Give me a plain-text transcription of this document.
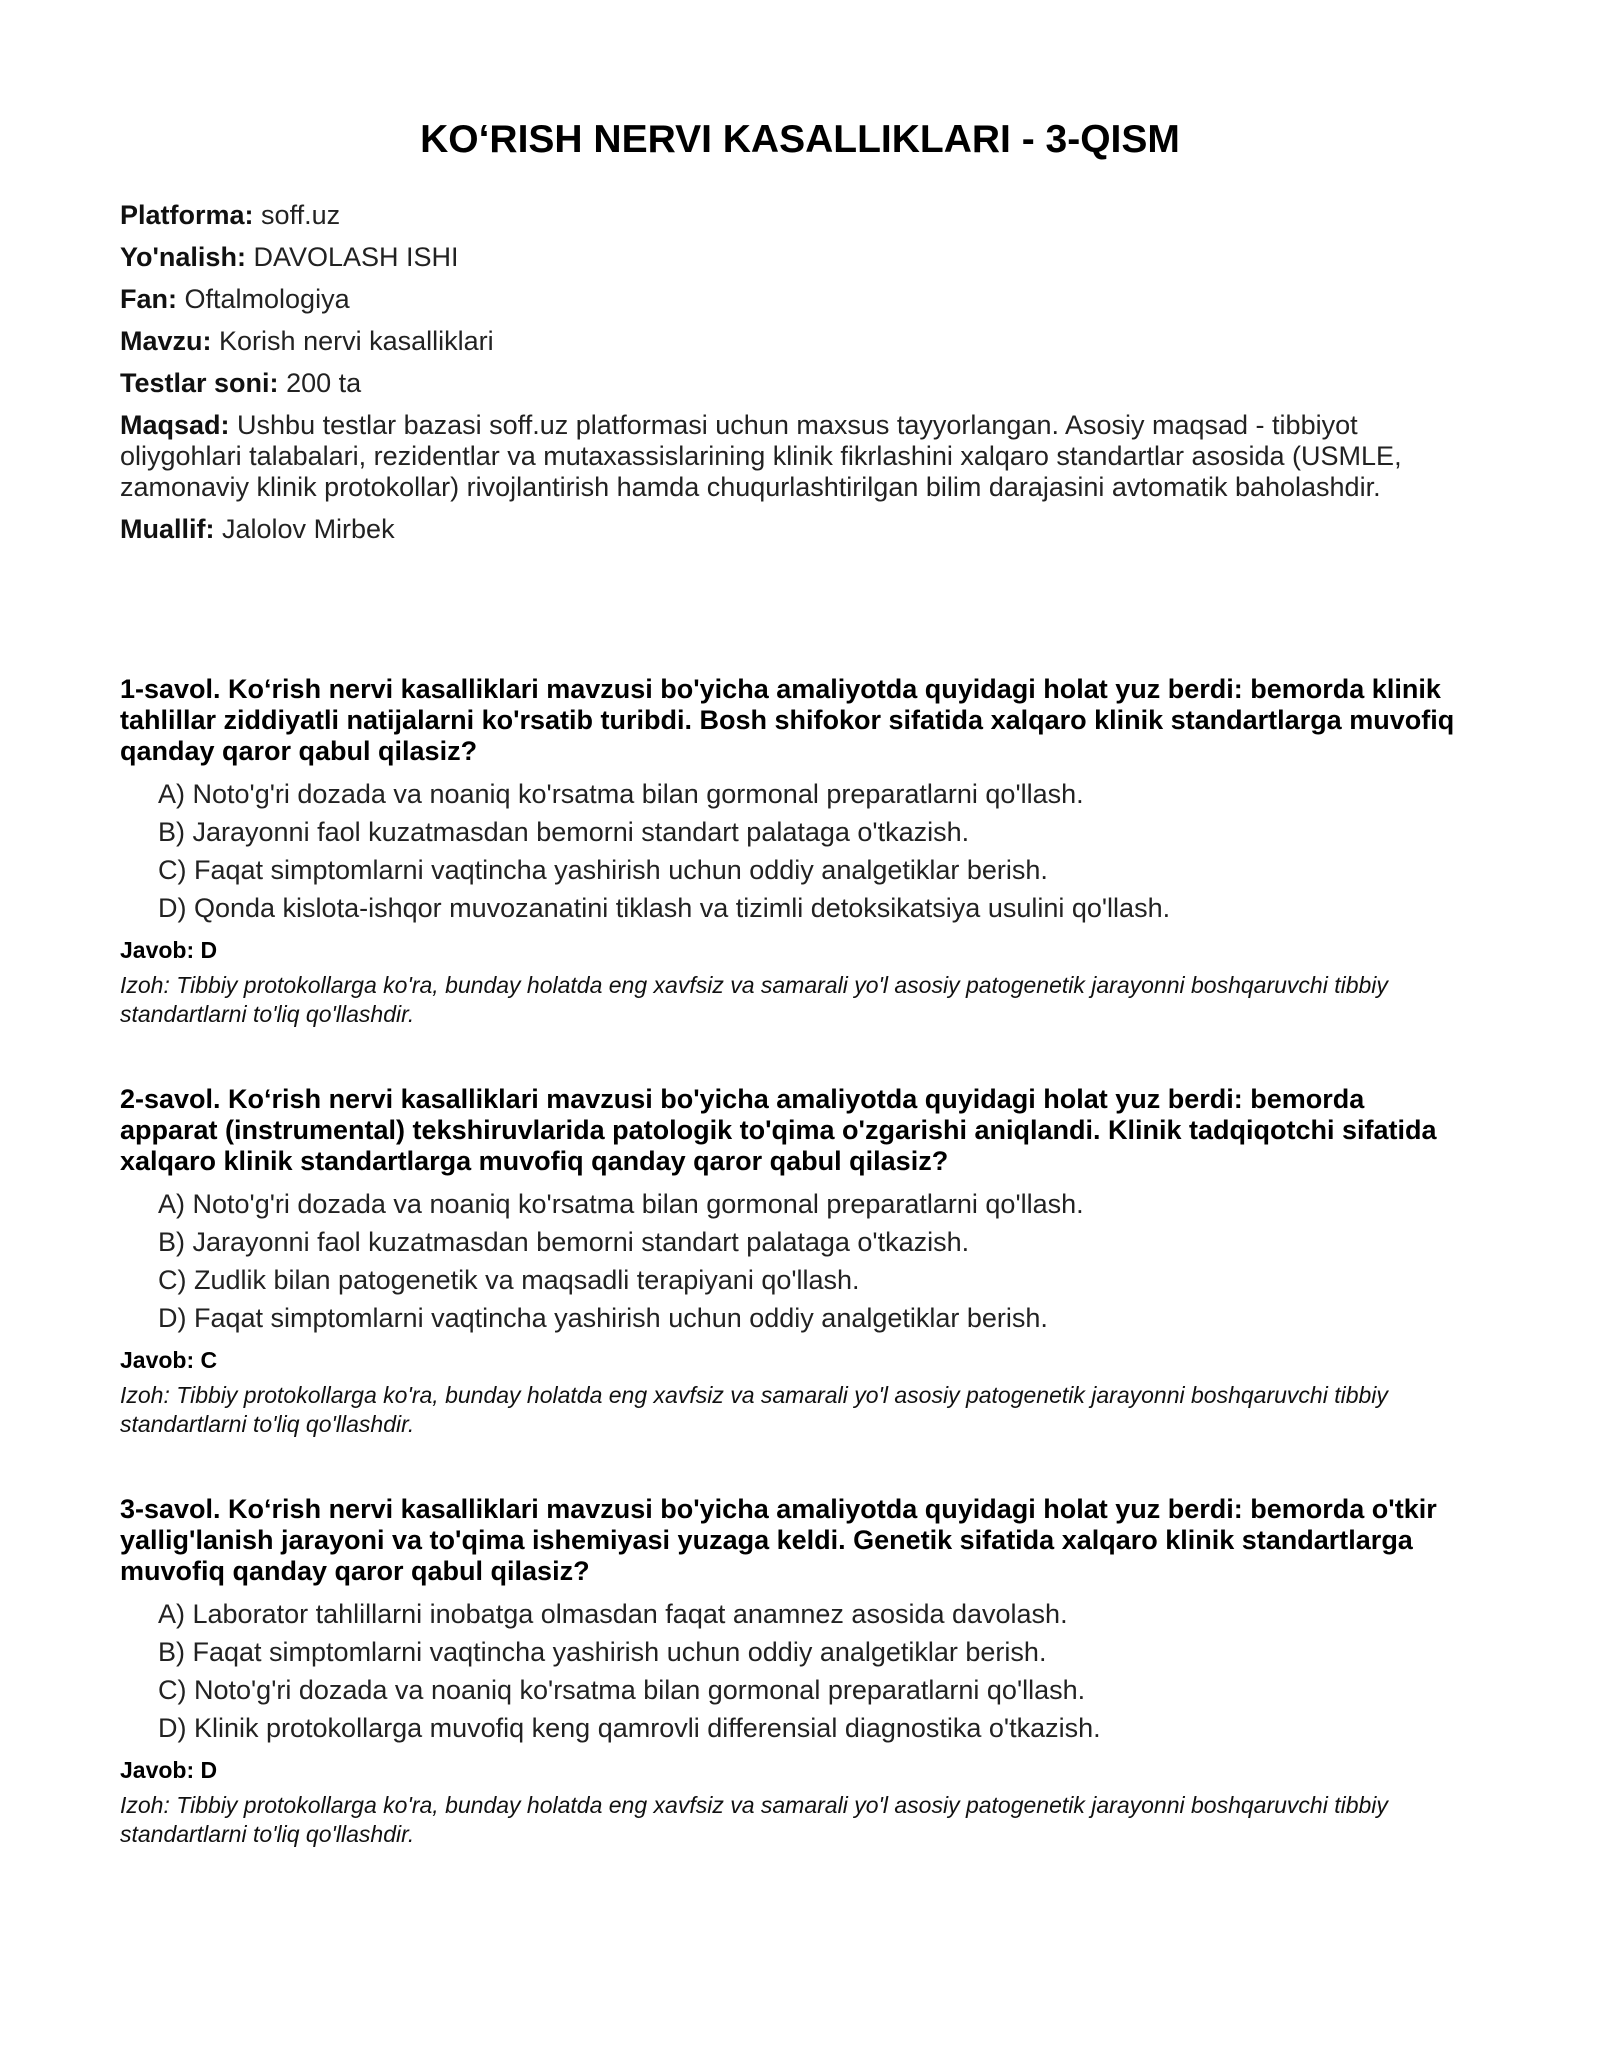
KO‘RISH NERVI KASALLIKLARI - 3-QISM
Platforma: soff.uz
Yo'nalish: DAVOLASH ISHI
Fan: Oftalmologiya
Mavzu: Korish nervi kasalliklari
Testlar soni: 200 ta
Maqsad: Ushbu testlar bazasi soff.uz platformasi uchun maxsus tayyorlangan. Asosiy maqsad - tibbiyot oliygohlari talabalari, rezidentlar va mutaxassislarining klinik fikrlashini xalqaro standartlar asosida (USMLE, zamonaviy klinik protokollar) rivojlantirish hamda chuqurlashtirilgan bilim darajasini avtomatik baholashdir.
Muallif: Jalolov Mirbek

1-savol. Ko‘rish nervi kasalliklari mavzusi bo'yicha amaliyotda quyidagi holat yuz berdi: bemorda klinik tahlillar ziddiyatli natijalarni ko'rsatib turibdi. Bosh shifokor sifatida xalqaro klinik standartlarga muvofiq qanday qaror qabul qilasiz?

A) Noto'g'ri dozada va noaniq ko'rsatma bilan gormonal preparatlarni qo'llash.
B) Jarayonni faol kuzatmasdan bemorni standart palataga o'tkazish.
C) Faqat simptomlarni vaqtincha yashirish uchun oddiy analgetiklar berish.
D) Qonda kislota-ishqor muvozanatini tiklash va tizimli detoksikatsiya usulini qo'llash.
Javob: D
Izoh: Tibbiy protokollarga ko'ra, bunday holatda eng xavfsiz va samarali yo'l asosiy patogenetik jarayonni boshqaruvchi tibbiy standartlarni to'liq qo'llashdir.

2-savol. Ko‘rish nervi kasalliklari mavzusi bo'yicha amaliyotda quyidagi holat yuz berdi: bemorda apparat (instrumental) tekshiruvlarida patologik to'qima o'zgarishi aniqlandi. Klinik tadqiqotchi sifatida xalqaro klinik standartlarga muvofiq qanday qaror qabul qilasiz?

A) Noto'g'ri dozada va noaniq ko'rsatma bilan gormonal preparatlarni qo'llash.
B) Jarayonni faol kuzatmasdan bemorni standart palataga o'tkazish.
C) Zudlik bilan patogenetik va maqsadli terapiyani qo'llash.
D) Faqat simptomlarni vaqtincha yashirish uchun oddiy analgetiklar berish.
Javob: C
Izoh: Tibbiy protokollarga ko'ra, bunday holatda eng xavfsiz va samarali yo'l asosiy patogenetik jarayonni boshqaruvchi tibbiy standartlarni to'liq qo'llashdir.

3-savol. Ko‘rish nervi kasalliklari mavzusi bo'yicha amaliyotda quyidagi holat yuz berdi: bemorda o'tkir yallig'lanish jarayoni va to'qima ishemiyasi yuzaga keldi. Genetik sifatida xalqaro klinik standartlarga muvofiq qanday qaror qabul qilasiz?

A) Laborator tahlillarni inobatga olmasdan faqat anamnez asosida davolash.
B) Faqat simptomlarni vaqtincha yashirish uchun oddiy analgetiklar berish.
C) Noto'g'ri dozada va noaniq ko'rsatma bilan gormonal preparatlarni qo'llash.
D) Klinik protokollarga muvofiq keng qamrovli differensial diagnostika o'tkazish.
Javob: D
Izoh: Tibbiy protokollarga ko'ra, bunday holatda eng xavfsiz va samarali yo'l asosiy patogenetik jarayonni boshqaruvchi tibbiy standartlarni to'liq qo'llashdir.
